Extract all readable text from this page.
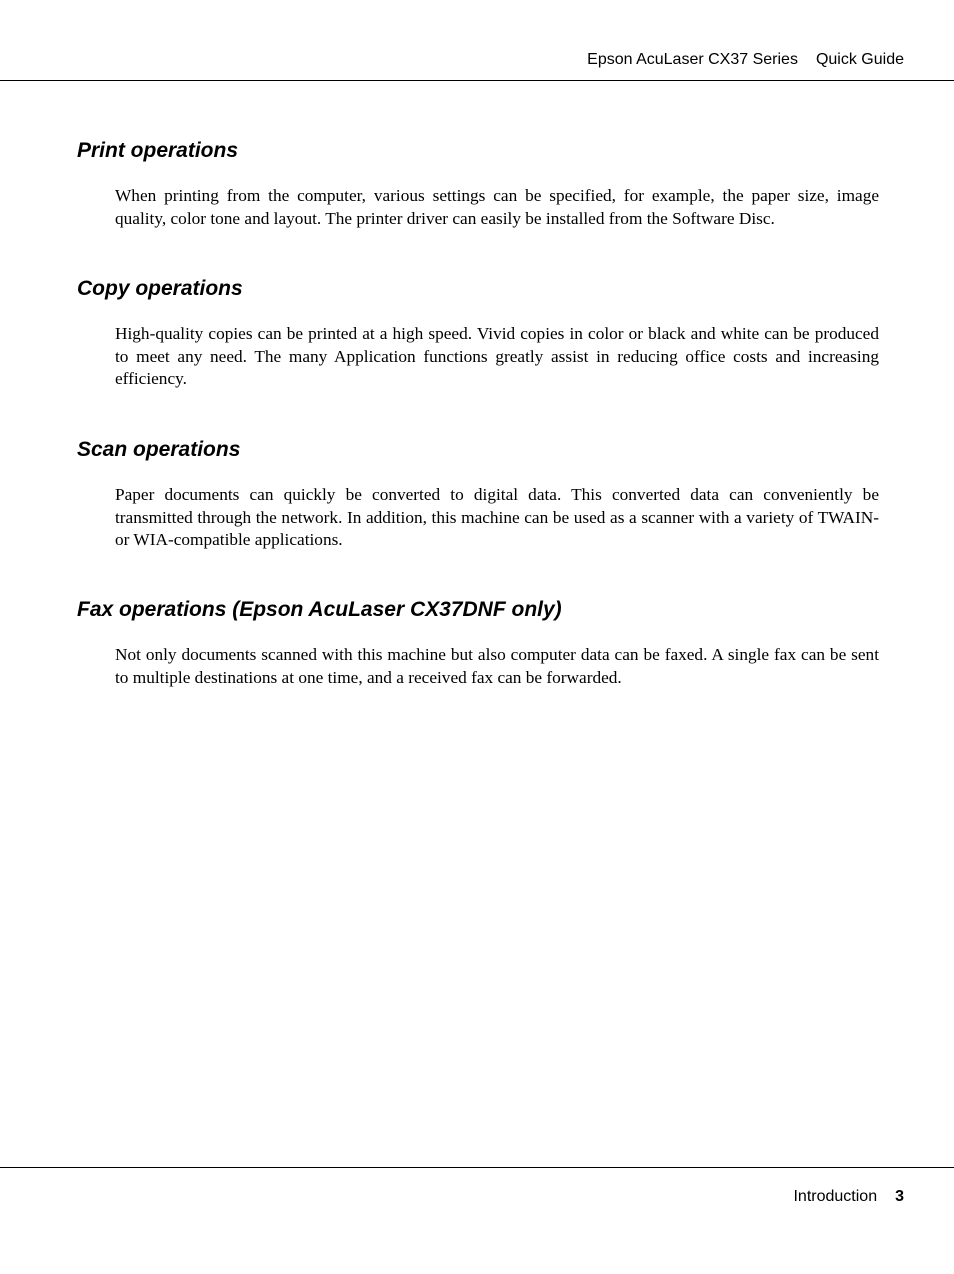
Epson AcuLaser CX37 Series Quick Guide
Print operations

When printing from the computer, various settings can be specified, for example, the paper size, image quality, color tone and layout. The printer driver can easily be installed from the Software Disc.

Copy operations

High-quality copies can be printed at a high speed. Vivid copies in color or black and white can be produced to meet any need. The many Application functions greatly assist in reducing office costs and increasing efficiency.

Scan operations

Paper documents can quickly be converted to digital data. This converted data can conveniently be transmitted through the network. In addition, this machine can be used as a scanner with a variety of TWAIN- or WIA-compatible applications.

Fax operations (Epson AcuLaser CX37DNF only)

Not only documents scanned with this machine but also computer data can be faxed. A single fax can be sent to multiple destinations at one time, and a received fax can be forwarded.

Introduction 3
